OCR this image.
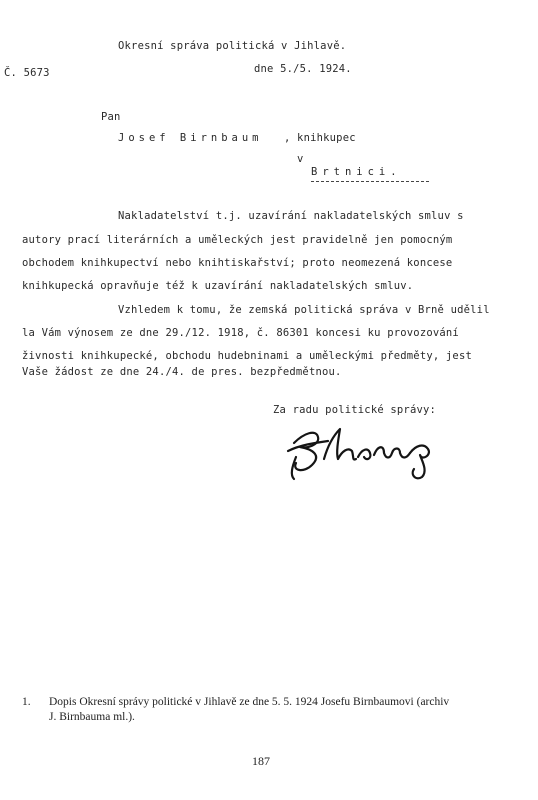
Okresní správa politická v Jihlavě.
Č. 5673	dne 5./5. 1924.
Pan
Josef Birnbaum , knihkupec
v
Brtnici.
Nakladatelství t.j. uzavírání nakladatelských smluv s
autory prací literárních a uměleckých jest pravidelně jen pomocným
obchodem knihkupectví nebo knihtiskařství; proto neomezená koncese
knihkupecká opravňuje též k uzavírání nakladatelských smluv.
Vzhledem k tomu, že zemská politická správa v Brně udělil
la Vám výnosem ze dne 29./12. 1918, č. 86301 koncesi ku provozování
živnosti knihkupecké, obchodu hudebninami a uměleckými předměty, jest
Vaše žádost ze dne 24./4. de pres. bezpředmětnou.
Za radu politické správy:
1. Dopis Okresní správy politické v Jihlavě ze dne 5. 5. 1924 Josefu Birnbaumovi (archiv
J. Birnbauma ml.).
187
